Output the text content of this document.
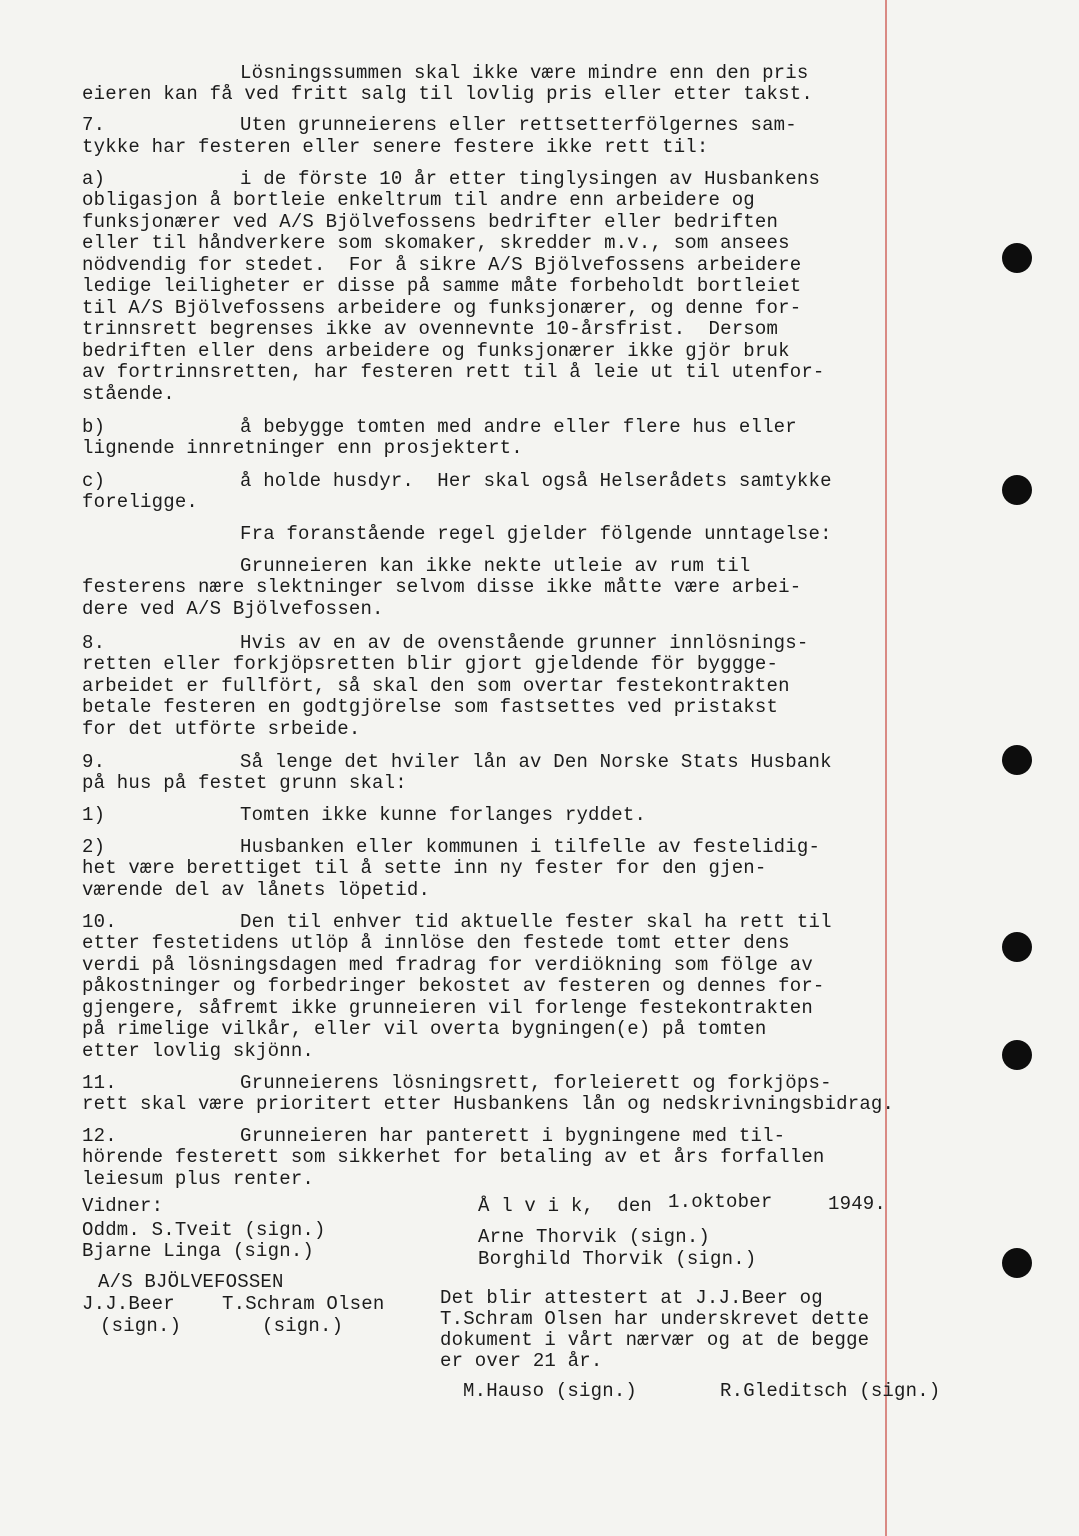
Lösningssummen skal ikke være mindre enn den pris
eieren kan få ved fritt salg til lovlig pris eller etter takst.
7.	Uten grunneierens eller rettsetterfölgernes sam-
tykke har festeren eller senere festere ikke rett til:
a)	i de förste 10 år etter tinglysingen av Husbankens
obligasjon å bortleie enkeltrum til andre enn arbeidere og
funksjonærer ved A/S Bjölvefossens bedrifter eller bedriften
eller til håndverkere som skomaker, skredder m.v., som ansees
nödvendig for stedet.  For å sikre A/S Bjölvefossens arbeidere
ledige leiligheter er disse på samme måte forbeholdt bortleiet
til A/S Bjölvefossens arbeidere og funksjonærer, og denne for-
trinnsrett begrenses ikke av ovennevnte 10-årsfrist.  Dersom
bedriften eller dens arbeidere og funksjonærer ikke gjör bruk
av fortrinnsretten, har festeren rett til å leie ut til utenfor-
stående.
b)	å bebygge tomten med andre eller flere hus eller
lignende innretninger enn prosjektert.
c)	å holde husdyr.  Her skal også Helserådets samtykke
foreligge.
Fra foranstående regel gjelder fölgende unntagelse:
Grunneieren kan ikke nekte utleie av rum til
festerens nære slektninger selvom disse ikke måtte være arbei-
dere ved A/S Bjölvefossen.
8.	Hvis av en av de ovenstående grunner innlösnings-
retten eller forkjöpsretten blir gjort gjeldende för byggge-
arbeidet er fullfört, så skal den som overtar festekontrakten
betale festeren en godtgjörelse som fastsettes ved pristakst
for det utförte srbeide.
9.	Så lenge det hviler lån av Den Norske Stats Husbank
på hus på festet grunn skal:
1)	Tomten ikke kunne forlanges ryddet.
2)	Husbanken eller kommunen i tilfelle av festelidig-
het være berettiget til å sette inn ny fester for den gjen-
værende del av lånets löpetid.
10.	Den til enhver tid aktuelle fester skal ha rett til
etter festetidens utlöp å innlöse den festede tomt etter dens
verdi på lösningsdagen med fradrag for verdiökning som fölge av
påkostninger og forbedringer bekostet av festeren og dennes for-
gjengere, såfremt ikke grunneieren vil forlenge festekontrakten
på rimelige vilkår, eller vil overta bygningen(e) på tomten
etter lovlig skjönn.
11.	Grunneierens lösningsrett, forleierett og forkjöps-
rett skal være prioritert etter Husbankens lån og nedskrivningsbidrag.
12.	Grunneieren har panterett i bygningene med til-
hörende festerett som sikkerhet for betaling av et års forfallen
leiesum plus renter.
Vidner:	Å l v i k,  den 1.oktober	1949.
Oddm. S.Tveit (sign.)	Arne Thorvik (sign.)
Bjarne Linga (sign.)	Borghild Thorvik (sign.)
A/S BJÖLVEFOSSEN
J.J.Beer T.Schram Olsen	Det blir attestert at J.J.Beer og
(sign.)	(sign.)	T.Schram Olsen har underskrevet dette
dokument i vårt nærvær og at de begge
er over 21 år.
M.Hauso (sign.)	R.Gleditsch (sign.)
